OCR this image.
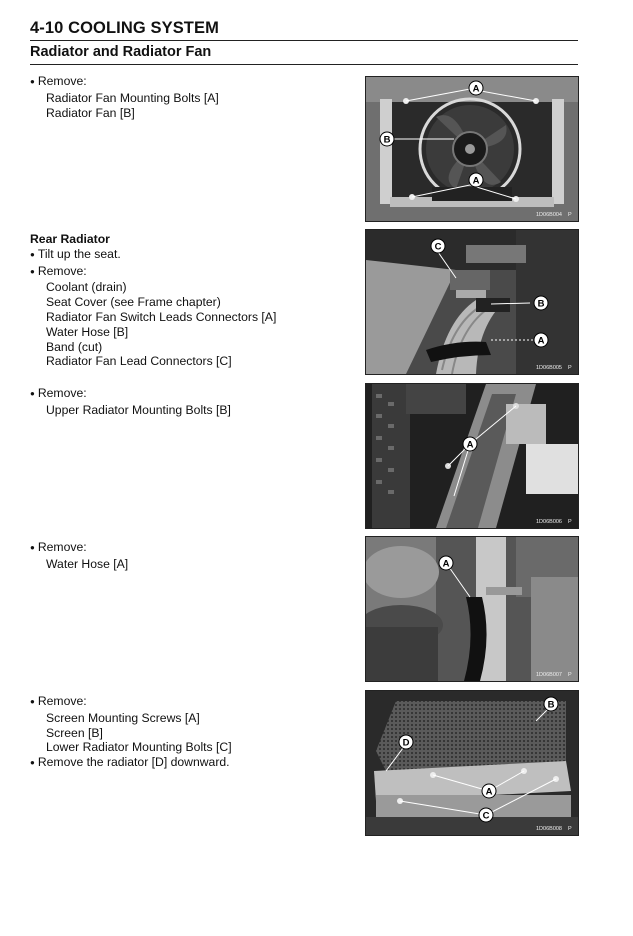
4-10 COOLING SYSTEM
Radiator and Radiator Fan
● Remove:
Radiator Fan Mounting Bolts [A]
Radiator Fan [B]
Rear Radiator
● Tilt up the seat.
● Remove:
Coolant (drain)
Seat Cover (see Frame chapter)
Radiator Fan Switch Leads Connectors [A]
Water Hose [B]
Band (cut)
Radiator Fan Lead Connectors [C]
● Remove:
Upper Radiator Mounting Bolts [B]
● Remove:
Water Hose [A]
● Remove:
Screen Mounting Screws [A]
Screen [B]
Lower Radiator Mounting Bolts [C]
● Remove the radiator [D] downward.
A
B
A
1D06B004 P
C
B
A
1D06B005 P
A
1D06B006 P
A
1D06B007 P
B
D
A
C
1D06B008 P
